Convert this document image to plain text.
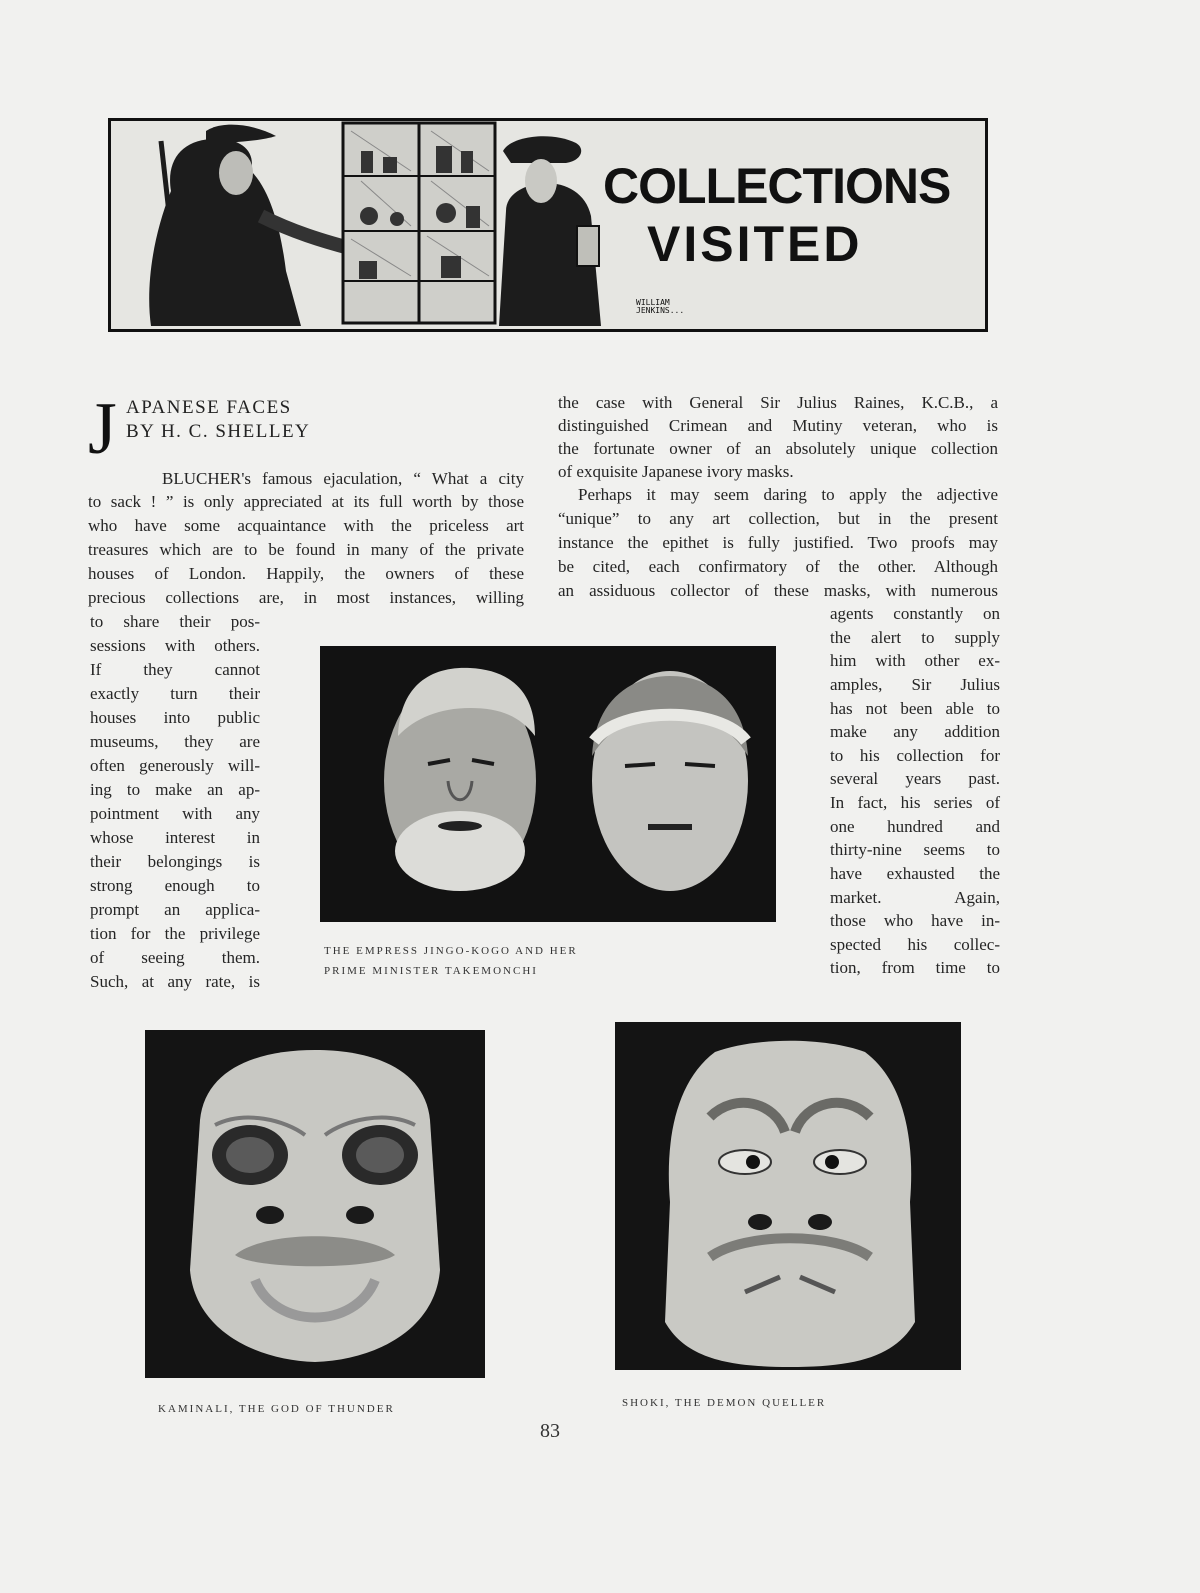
COLLECTIONS
VISITED
WILLIAM
JENKINS...
J APANESE FACES
BY H. C. SHELLEY
BLUCHER's famous ejaculation, “ What a city
to sack ! ” is only appreciated at its full worth by those
who have some acquaintance with the priceless art
treasures which are to be found in many of the private
houses of London. Happily, the owners of these
precious collections are, in most instances, willing
to share their pos-
sessions with others.
If they cannot
exactly turn their
houses into public
museums, they are
often generously will-
ing to make an ap-
pointment with any
whose interest in
their belongings is
strong enough to
prompt an applica-
tion for the privilege
of seeing them.
Such, at any rate, is
the case with General Sir Julius Raines, K.C.B., a
distinguished Crimean and Mutiny veteran, who is
the fortunate owner of an absolutely unique collection
of exquisite Japanese ivory masks.
Perhaps it may seem daring to apply the adjective
“unique” to any art collection, but in the present
instance the epithet is fully justified. Two proofs may
be cited, each confirmatory of the other. Although
an assiduous collector of these masks, with numerous
agents constantly on
the alert to supply
him with other ex-
amples, Sir Julius
has not been able to
make any addition
to his collection for
several years past.
In fact, his series of
one hundred and
thirty-nine seems to
have exhausted the
market. Again,
those who have in-
spected his collec-
tion, from time to
THE EMPRESS JINGO-KOGO AND HER
PRIME MINISTER TAKEMONCHI
KAMINALI, THE GOD OF THUNDER	SHOKI, THE DEMON QUELLER
83
